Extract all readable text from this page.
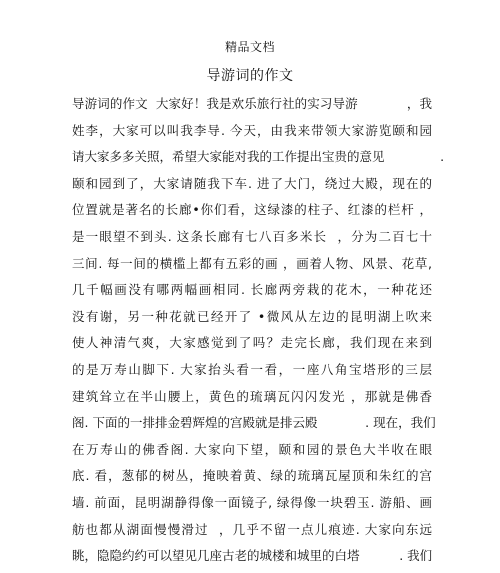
精品文档
导游词的作文
导游词的作文  大家好！我是欢乐旅行社的实习导游            ，我
姓李，大家可以叫我李导. 今天，由我来带领大家游览颐和园
请大家多多关照，希望大家能对我的工作提出宝贵的意见              .
颐和园到了，大家请随我下车. 进了大门，绕过大殿，现在的
位置就是著名的长廊•你们看，这绿漆的柱子、红漆的栏杆 ，
是一眼望不到头. 这条长廊有七八百多米长  ，分为二百七十
三间. 每一间的横槛上都有五彩的画 ，画着人物、风景、花草,
几千幅画没有哪两幅画相同. 长廊两旁栽的花木，一种花还
没有谢，另一种花就已经开了 •微风从左边的昆明湖上吹来
使人神清气爽，大家感觉到了吗？走完长廊，我们现在来到
的是万寿山脚下. 大家抬头看一看，一座八角宝塔形的三层
建筑耸立在半山腰上，黄色的琉璃瓦闪闪发光 ，那就是佛香
阁. 下面的一排排金碧辉煌的宫殿就是排云殿            . 现在，我们
在万寿山的佛香阁. 大家向下望，颐和园的景色大半收在眼
底. 看，葱郁的树丛，掩映着黄、绿的琉璃瓦屋顶和朱红的宫
墙. 前面，昆明湖静得像一面镜子, 绿得像一块碧玉. 游船、画
舫也都从湖面慢慢滑过  ，几乎不留一点儿痕迹. 大家向东远
眺，隐隐约约可以望见几座古老的城楼和城里的白塔          . 我们
